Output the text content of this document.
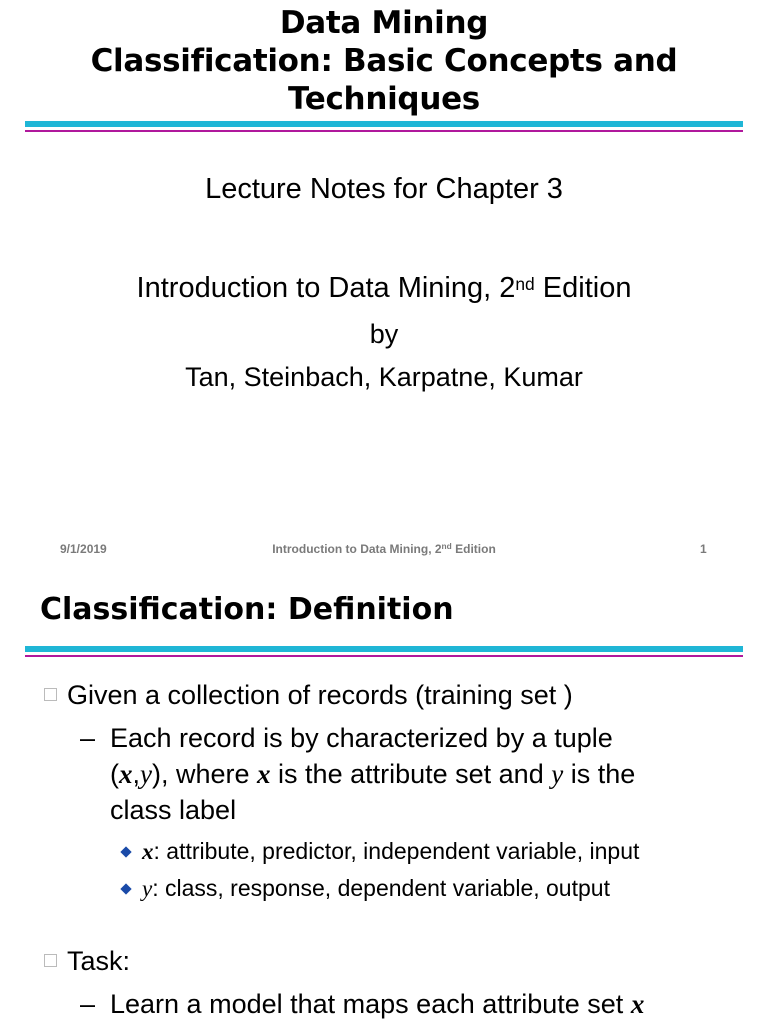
Data Mining
Classification: Basic Concepts and
Techniques
Lecture Notes for Chapter 3
Introduction to Data Mining, 2nd Edition
by
Tan, Steinbach, Karpatne, Kumar
9/1/2019	Introduction to Data Mining, 2nd Edition	1
Classification: Definition
Given a collection of records (training set )
– Each record is by characterized by a tuple
(x,y), where x is the attribute set and y is the
class label
x: attribute, predictor, independent variable, input
y: class, response, dependent variable, output
Task:
– Learn a model that maps each attribute set x
